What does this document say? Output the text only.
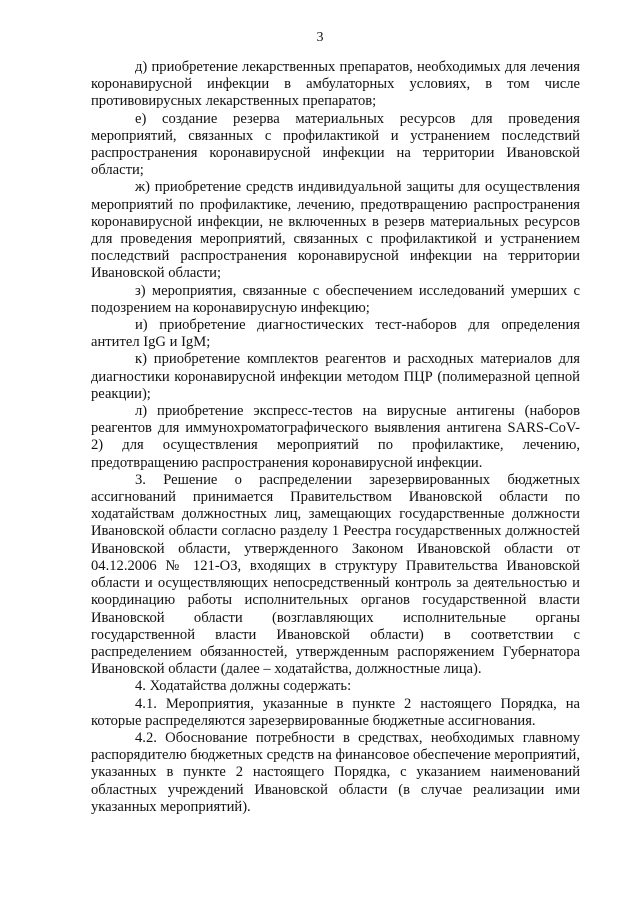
3

д) приобретение лекарственных препаратов, необходимых для лечения коронавирусной инфекции в амбулаторных условиях, в том числе противовирусных лекарственных препаратов;

е) создание резерва материальных ресурсов для проведения мероприятий, связанных с профилактикой и устранением последствий распространения коронавирусной инфекции на территории Ивановской области;

ж) приобретение средств индивидуальной защиты для осуществления мероприятий по профилактике, лечению, предотвращению распространения коронавирусной инфекции, не включенных в резерв материальных ресурсов для проведения мероприятий, связанных с профилактикой и устранением последствий распространения коронавирусной инфекции на территории Ивановской области;

з) мероприятия, связанные с обеспечением исследований умерших с подозрением на коронавирусную инфекцию;

и) приобретение диагностических тест-наборов для определения антител IgG и IgM;

к) приобретение комплектов реагентов и расходных материалов для диагностики коронавирусной инфекции методом ПЦР (полимеразной цепной реакции);

л) приобретение экспресс-тестов на вирусные антигены (наборов реагентов для иммунохроматографического выявления антигена SARS-CoV-2) для осуществления мероприятий по профилактике, лечению, предотвращению распространения коронавирусной инфекции.

3. Решение о распределении зарезервированных бюджетных ассигнований принимается Правительством Ивановской области по ходатайствам должностных лиц, замещающих государственные должности Ивановской области согласно разделу 1 Реестра государственных должностей Ивановской области, утвержденного Законом Ивановской области от 04.12.2006 № 121-ОЗ, входящих в структуру Правительства Ивановской области и осуществляющих непосредственный контроль за деятельностью и координацию работы исполнительных органов государственной власти Ивановской области (возглавляющих исполнительные органы государственной власти Ивановской области) в соответствии с распределением обязанностей, утвержденным распоряжением Губернатора Ивановской области (далее – ходатайства, должностные лица).

4. Ходатайства должны содержать:

4.1. Мероприятия, указанные в пункте 2 настоящего Порядка, на которые распределяются зарезервированные бюджетные ассигнования.

4.2. Обоснование потребности в средствах, необходимых главному распорядителю бюджетных средств на финансовое обеспечение мероприятий, указанных в пункте 2 настоящего Порядка, с указанием наименований областных учреждений Ивановской области (в случае реализации ими указанных мероприятий).
